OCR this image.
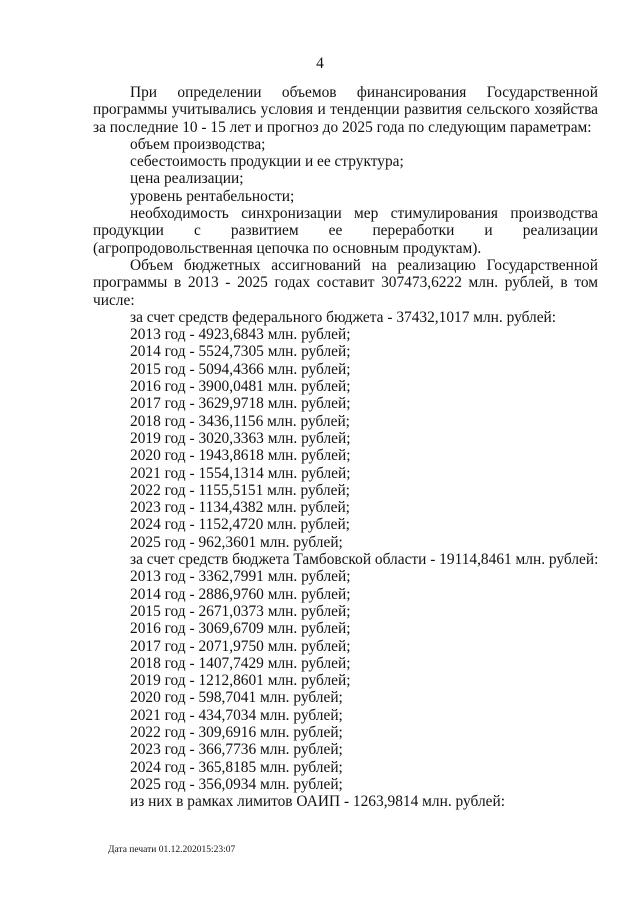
4

При определении объемов финансирования Государственной программы учитывались условия и тенденции развития сельского хозяйства за последние 10 - 15 лет и прогноз до 2025 года по следующим параметрам:

объем производства;

себестоимость продукции и ее структура;

цена реализации;

уровень рентабельности;

необходимость синхронизации мер стимулирования производства продукции с развитием ее переработки и реализации (агропродовольственная цепочка по основным продуктам).

Объем бюджетных ассигнований на реализацию Государственной программы в 2013 - 2025 годах составит 307473,6222 млн. рублей, в том числе:

за счет средств федерального бюджета - 37432,1017 млн. рублей:

2013 год - 4923,6843 млн. рублей;

2014 год - 5524,7305 млн. рублей;

2015 год - 5094,4366 млн. рублей;

2016 год - 3900,0481 млн. рублей;

2017 год - 3629,9718 млн. рублей;

2018 год - 3436,1156 млн. рублей;

2019 год - 3020,3363 млн. рублей;

2020 год - 1943,8618 млн. рублей;

2021 год - 1554,1314 млн. рублей;

2022 год - 1155,5151 млн. рублей;

2023 год - 1134,4382 млн. рублей;

2024 год - 1152,4720 млн. рублей;

2025 год - 962,3601 млн. рублей;

за счет средств бюджета Тамбовской области - 19114,8461 млн. рублей:

2013 год - 3362,7991 млн. рублей;

2014 год - 2886,9760 млн. рублей;

2015 год - 2671,0373 млн. рублей;

2016 год - 3069,6709 млн. рублей;

2017 год - 2071,9750 млн. рублей;

2018 год - 1407,7429 млн. рублей;

2019 год - 1212,8601 млн. рублей;

2020 год - 598,7041 млн. рублей;

2021 год - 434,7034 млн. рублей;

2022 год - 309,6916 млн. рублей;

2023 год - 366,7736 млн. рублей;

2024 год - 365,8185 млн. рублей;

2025 год - 356,0934 млн. рублей;

из них в рамках лимитов ОАИП - 1263,9814 млн. рублей:

Дата печати 01.12.202015:23:07
